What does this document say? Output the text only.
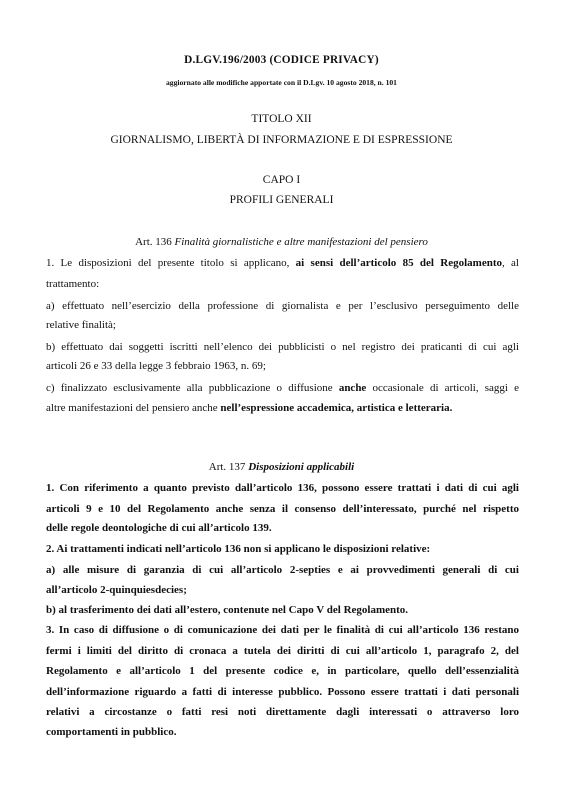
D.LGV.196/2003 (CODICE PRIVACY)
aggiornato alle modifiche apportate con il D.Lgv. 10 agosto 2018, n. 101
TITOLO XII
GIORNALISMO, LIBERTÀ DI INFORMAZIONE E DI ESPRESSIONE
CAPO I
PROFILI GENERALI
Art. 136 Finalità giornalistiche e altre manifestazioni del pensiero
1. Le disposizioni del presente titolo si applicano, ai sensi dell’articolo 85 del Regolamento, al
trattamento:
a) effettuato nell’esercizio della professione di giornalista e per l’esclusivo perseguimento delle
relative finalità;
b) effettuato dai soggetti iscritti nell’elenco dei pubblicisti o nel registro dei praticanti di cui agli
articoli 26 e 33 della legge 3 febbraio 1963, n. 69;
c) finalizzato esclusivamente alla pubblicazione o diffusione anche occasionale di articoli, saggi e
altre manifestazioni del pensiero anche nell’espressione accademica, artistica e letteraria.
Art. 137 Disposizioni applicabili
1. Con riferimento a quanto previsto dall’articolo 136, possono essere trattati i dati di cui agli
articoli 9 e 10 del Regolamento anche senza il consenso dell’interessato, purché nel rispetto
delle regole deontologiche di cui all’articolo 139.
2. Ai trattamenti indicati nell’articolo 136 non si applicano le disposizioni relative:
a) alle misure di garanzia di cui all’articolo 2-septies e ai provvedimenti generali di cui
all’articolo 2-quinquiesdecies;
b) al trasferimento dei dati all’estero, contenute nel Capo V del Regolamento.
3. In caso di diffusione o di comunicazione dei dati per le finalità di cui all’articolo 136 restano
fermi i limiti del diritto di cronaca a tutela dei diritti di cui all’articolo 1, paragrafo 2, del
Regolamento e all’articolo 1 del presente codice e, in particolare, quello dell’essenzialità
dell’informazione riguardo a fatti di interesse pubblico. Possono essere trattati i dati personali
relativi a circostanze o fatti resi noti direttamente dagli interessati o attraverso loro
comportamenti in pubblico.
